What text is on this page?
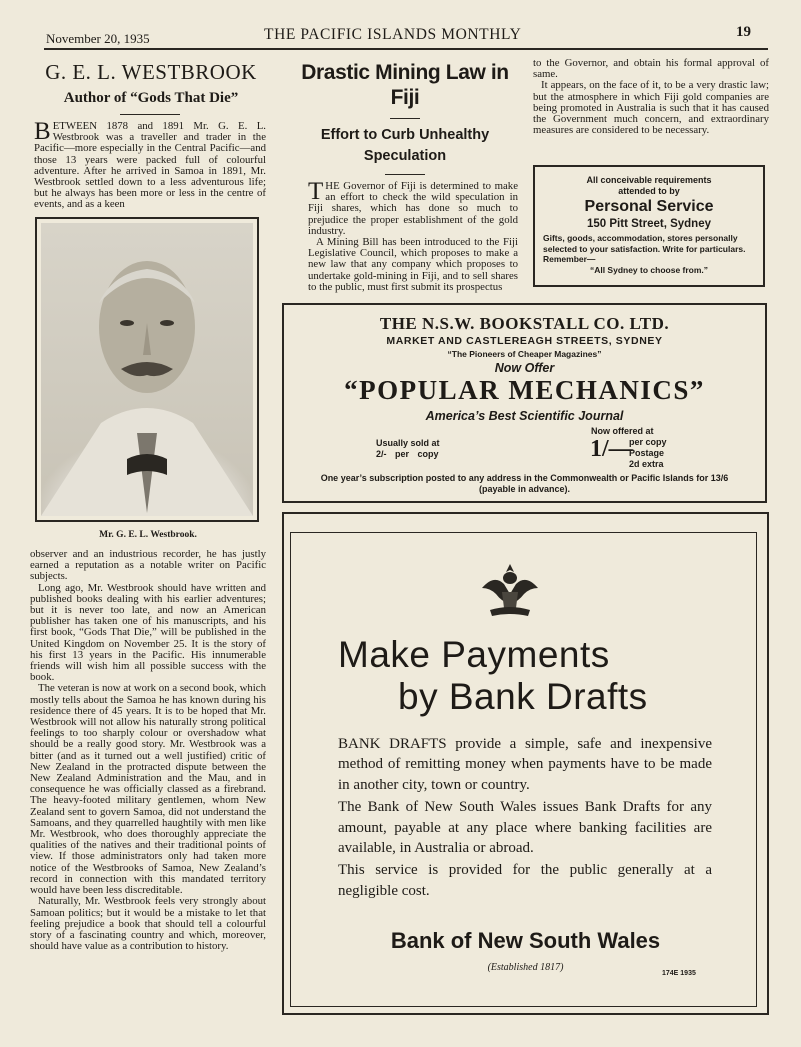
November 20, 1935	THE PACIFIC ISLANDS MONTHLY	19
G. E. L. WESTBROOK
Author of “Gods That Die”
BETWEEN 1878 and 1891 Mr. G. E. L. Westbrook was a traveller and trader in the Pacific—more especially in the Central Pacific—and those 13 years were packed full of colourful adventure. After he arrived in Samoa in 1891, Mr. Westbrook settled down to a less adventurous life; but he always has been more or less in the centre of events, and as a keen
Mr. G. E. L. Westbrook.

observer and an industrious recorder, he has justly earned a reputation as a notable writer on Pacific subjects.

Long ago, Mr. Westbrook should have written and published books dealing with his earlier adventures; but it is never too late, and now an American publisher has taken one of his manuscripts, and his first book, “Gods That Die,” will be published in the United Kingdom on November 25. It is the story of his first 13 years in the Pacific. His innumerable friends will wish him all possible success with the book.

The veteran is now at work on a second book, which mostly tells about the Samoa he has known during his residence there of 45 years. It is to be hoped that Mr. Westbrook will not allow his naturally strong political feelings to too sharply colour or overshadow what should be a really good story. Mr. Westbrook was a bitter (and as it turned out a well justified) critic of New Zealand in the protracted dispute between the New Zealand Administration and the Mau, and in consequence he was officially classed as a firebrand. The heavy-footed military gentlemen, whom New Zealand sent to govern Samoa, did not understand the Samoans, and they quarrelled haughtily with men like Mr. Westbrook, who does thoroughly appreciate the qualities of the natives and their traditional points of view. If those administrators only had taken more notice of the Westbrooks of Samoa, New Zealand’s record in connection with this mandated territory would have been less discreditable.

Naturally, Mr. Westbrook feels very strongly about Samoan politics; but it would be a mistake to let that feeling prejudice a book that should tell a colourful story of a fascinating country and which, moreover, should have value as a contribution to history.

Drastic Mining Law in
Fiji
Effort to Curb Unhealthy
Speculation

THE Governor of Fiji is determined to make an effort to check the wild speculation in Fiji shares, which has done so much to prejudice the proper establishment of the gold industry.

A Mining Bill has been introduced to the Fiji Legislative Council, which proposes to make a new law that any company which proposes to undertake gold-mining in Fiji, and to sell shares to the public, must first submit its prospectus

to the Governor, and obtain his formal approval of same.

It appears, on the face of it, to be a very drastic law; but the atmosphere in which Fiji gold companies are being promoted in Australia is such that it has caused the Government much concern, and extraordinary measures are considered to be necessary.

All conceivable requirements
attended to by
Personal Service
150 Pitt Street, Sydney
Gifts, goods, accommodation, stores personally selected to your satisfaction. Write for particulars.
Remember—
“All Sydney to choose from.”
THE N.S.W. BOOKSTALL CO. LTD.
MARKET AND CASTLEREAGH STREETS, SYDNEY
“The Pioneers of Cheaper Magazines”
Now Offer
“POPULAR MECHANICS”
America’s Best Scientific Journal
Usually sold at
2/- per copy
Now offered at
1/—
per copy
Postage
2d extra
One year’s subscription posted to any address in the Commonwealth or Pacific Islands for 13/6 (payable in advance).
Make Payments
by Bank Drafts
BANK DRAFTS provide a simple, safe and inexpensive method of remitting money when payments have to be made in another city, town or country.
The Bank of New South Wales issues Bank Drafts for any amount, payable at any place where banking facilities are available, in Australia or abroad.
This service is provided for the public generally at a negligible cost.
Bank of New South Wales
(Established 1817)
174E 1935
